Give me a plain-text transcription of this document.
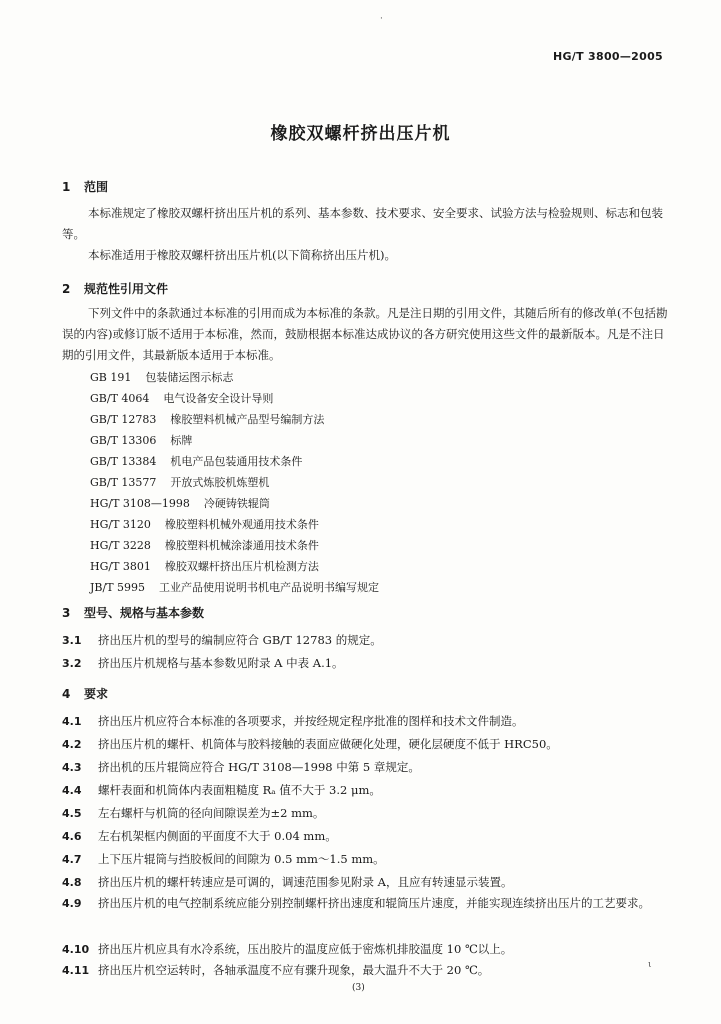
·
ι
HG/T 3800—2005
橡胶双螺杆挤出压片机
1 范围
本标准规定了橡胶双螺杆挤出压片机的系列、基本参数、技术要求、安全要求、试验方法与检验规则、标志和包装等。
本标准适用于橡胶双螺杆挤出压片机(以下简称挤出压片机)。
2 规范性引用文件
下列文件中的条款通过本标准的引用而成为本标准的条款。凡是注日期的引用文件，其随后所有的修改单(不包括勘误的内容)或修订版不适用于本标准，然而，鼓励根据本标准达成协议的各方研究使用这些文件的最新版本。凡是不注日期的引用文件，其最新版本适用于本标准。
GB 191 包装储运图示标志
GB/T 4064 电气设备安全设计导则
GB/T 12783 橡胶塑料机械产品型号编制方法
GB/T 13306 标牌
GB/T 13384 机电产品包装通用技术条件
GB/T 13577 开放式炼胶机炼塑机
HG/T 3108—1998 冷硬铸铁辊筒
HG/T 3120 橡胶塑料机械外观通用技术条件
HG/T 3228 橡胶塑料机械涂漆通用技术条件
HG/T 3801 橡胶双螺杆挤出压片机检测方法
JB/T 5995 工业产品使用说明书机电产品说明书编写规定
3 型号、规格与基本参数
3.1 挤出压片机的型号的编制应符合 GB/T 12783 的规定。
3.2 挤出压片机规格与基本参数见附录 A 中表 A.1。
4 要求
4.1 挤出压片机应符合本标准的各项要求，并按经规定程序批准的图样和技术文件制造。
4.2 挤出压片机的螺杆、机筒体与胶料接触的表面应做硬化处理，硬化层硬度不低于 HRC50。
4.3 挤出机的压片辊筒应符合 HG/T 3108—1998 中第 5 章规定。
4.4 螺杆表面和机筒体内表面粗糙度 Rₐ 值不大于 3.2 μm。
4.5 左右螺杆与机筒的径向间隙误差为±2 mm。
4.6 左右机架框内侧面的平面度不大于 0.04 mm。
4.7 上下压片辊筒与挡胶板间的间隙为 0.5 mm～1.5 mm。
4.8 挤出压片机的螺杆转速应是可调的，调速范围参见附录 A，且应有转速显示装置。
4.9 挤出压片机的电气控制系统应能分别控制螺杆挤出速度和辊筒压片速度，并能实现连续挤出压片的工艺要求。
4.10 挤出压片机应具有水冷系统，压出胶片的温度应低于密炼机排胶温度 10 ℃以上。
4.11 挤出压片机空运转时，各轴承温度不应有骤升现象，最大温升不大于 20 ℃。
(3)
